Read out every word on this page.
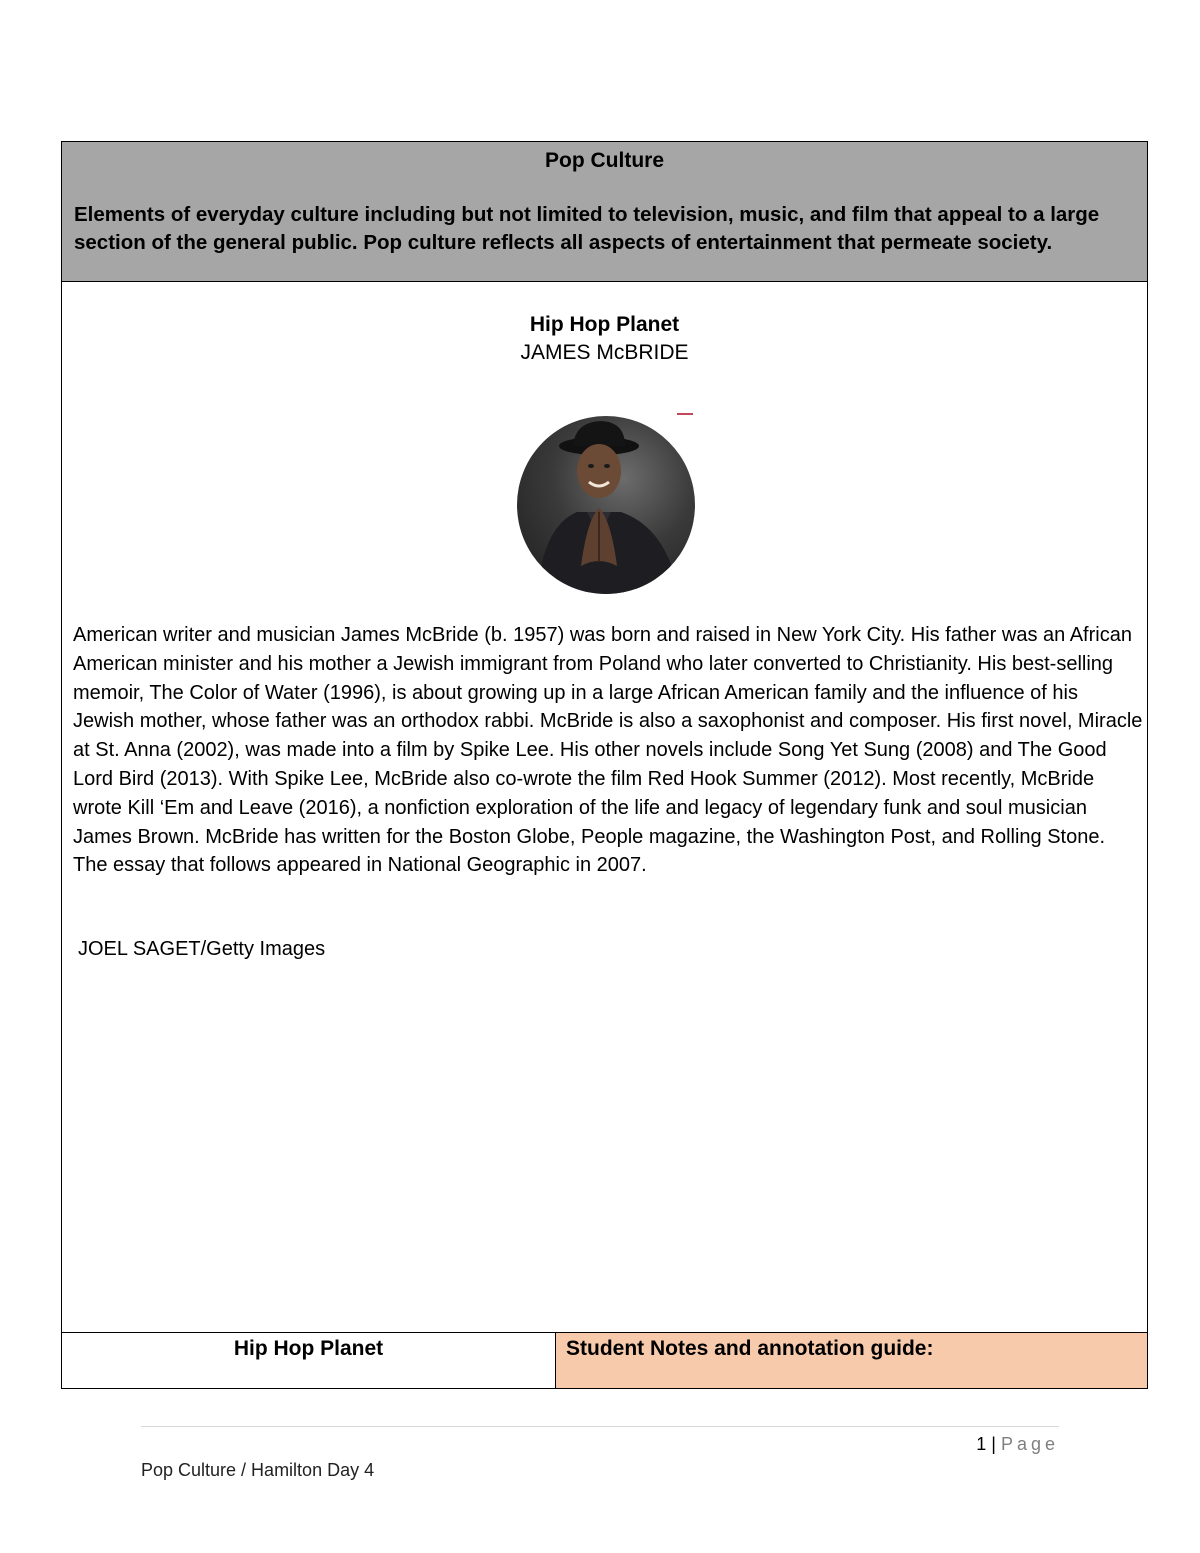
Pop Culture
Elements of everyday culture including but not limited to television, music, and film that appeal to a large section of the general public. Pop culture reflects all aspects of entertainment that permeate society.
Hip Hop Planet
JAMES McBRIDE
American writer and musician James McBride (b. 1957) was born and raised in New York City. His father was an African American minister and his mother a Jewish immigrant from Poland who later converted to Christianity. His best-selling memoir, The Color of Water (1996), is about growing up in a large African American family and the influence of his Jewish mother, whose father was an orthodox rabbi. McBride is also a saxophonist and composer. His first novel, Miracle at St. Anna (2002), was made into a film by Spike Lee. His other novels include Song Yet Sung (2008) and The Good Lord Bird (2013). With Spike Lee, McBride also co-wrote the film Red Hook Summer (2012). Most recently, McBride wrote Kill ‘Em and Leave (2016), a nonfiction exploration of the life and legacy of legendary funk and soul musician James Brown. McBride has written for the Boston Globe, People magazine, the Washington Post, and Rolling Stone. The essay that follows appeared in National Geographic in 2007.
JOEL SAGET/Getty Images
Hip Hop Planet	Student Notes and annotation guide:
1 | Page
Pop Culture / Hamilton Day 4
